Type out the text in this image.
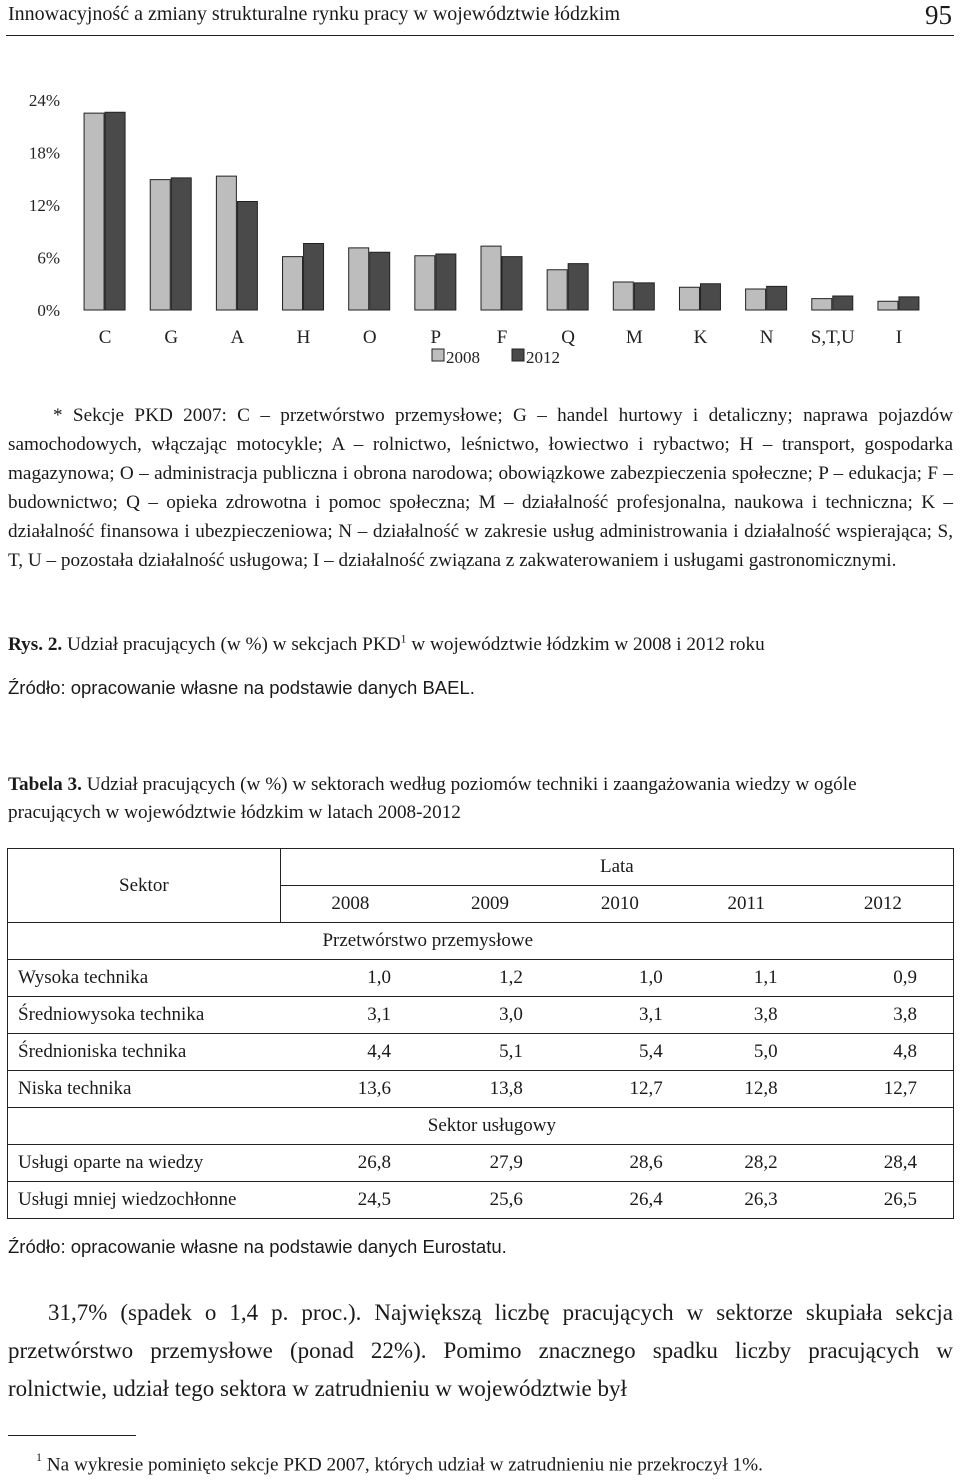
Innowacyjność a zmiany strukturalne rynku pracy w województwie łódzkim	95
0%
6%
12%
18%
24%
C	G	A	H	O	P	F	Q	M	K	N S,T,U I
2008	2012

* Sekcje PKD 2007: C – przetwórstwo przemysłowe; G – handel hurtowy i detaliczny; naprawa pojazdów samochodowych, włączając motocykle; A – rolnictwo, leśnictwo, łowiectwo i rybactwo; H – transport, gospodarka magazynowa; O – administracja publiczna i obrona narodowa; obowiązkowe zabezpieczenia społeczne; P – edukacja; F – budownictwo; Q – opieka zdrowotna i pomoc społeczna; M – działalność profesjonalna, naukowa i techniczna; K – działalność finansowa i ubezpieczeniowa; N – działalność w zakresie usług administrowania i działalność wspierająca; S, T, U – pozostała działalność usługowa; I – działalność związana z zakwaterowaniem i usługami gastronomicznymi.

Rys. 2. Udział pracujących (w %) w sekcjach PKD$^1$ w województwie łódzkim w 2008 i 2012 roku
Źródło: opracowanie własne na podstawie danych BAEL.
Tabela 3. Udział pracujących (w %) w sektorach według poziomów techniki i zaangażowania wiedzy w ogóle pracujących w województwie łódzkim w latach 2008-2012
Sektor	Lata				
	2008	2009	2010	2011	2012
Przetwórstwo przemysłowe					
Wysoka technika	1,0	1,2	1,0	1,1	0,9
Średniowysoka technika	3,1	3,0	3,1	3,8	3,8
Średnioniska technika	4,4	5,1	5,4	5,0	4,8
Niska technika	13,6	13,8	12,7	12,8	12,7
Sektor usługowy					
Usługi oparte na wiedzy	26,8	27,9	28,6	28,2	28,4
Usługi mniej wiedzochłonne	24,5	25,6	26,4	26,3	26,5
Źródło: opracowanie własne na podstawie danych Eurostatu.

31,7% (spadek o 1,4 p. proc.). Największą liczbę pracujących w sektorze skupiała sekcja przetwórstwo przemysłowe (ponad 22%). Pomimo znacznego spadku liczby pracujących w rolnictwie, udział tego sektora w zatrudnieniu w województwie był

$^1$ Na wykresie pominięto sekcje PKD 2007, których udział w zatrudnieniu nie przekroczył 1%.
